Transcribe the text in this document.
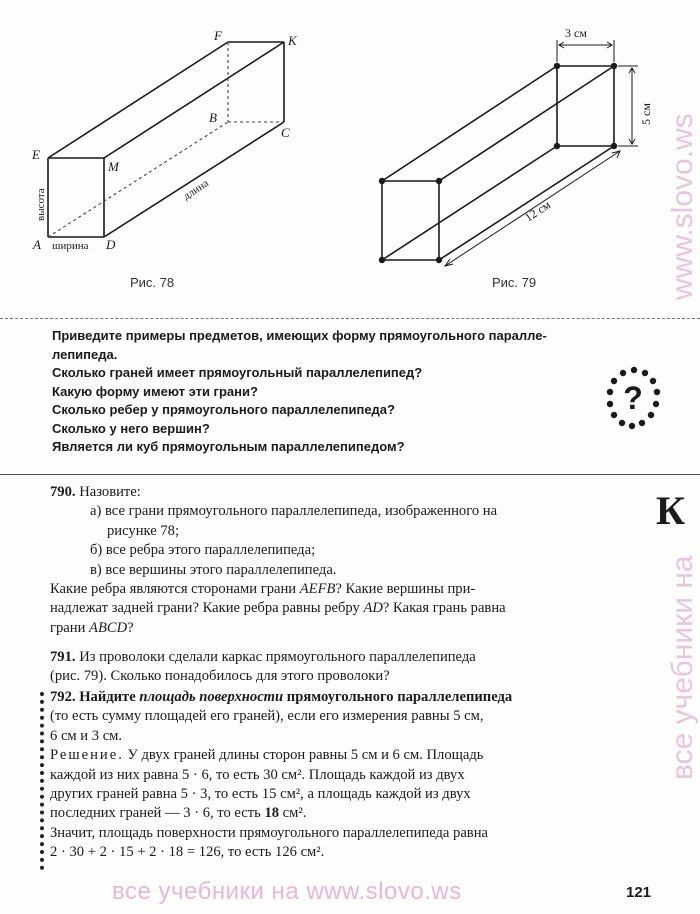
F	K
B
C
E
M
A	D
высота
ширина
длина
Рис. 78
3 см
5 см
12 см
Рис. 79
Приведите примеры предметов, имеющих форму прямоугольного паралле-
лепипеда.
Сколько граней имеет прямоугольный параллелепипед?
Какую форму имеют эти грани?
Сколько ребер у прямоугольного параллелепипеда?
Сколько у него вершин?
Является ли куб прямоугольным параллелепипедом?
?
790. Назовите:
а) все грани прямоугольного параллелепипеда, изображенного на
рисунке 78;
б) все ребра этого параллелепипеда;
в) все вершины этого параллелепипеда.
Какие ребра являются сторонами грани AEFB? Какие вершины при-
надлежат задней грани? Какие ребра равны ребру AD? Какая грань равна
грани ABCD?
К
791. Из проволоки сделали каркас прямоугольного параллелепипеда
(рис. 79). Сколько понадобилось для этого проволоки?
792. Найдите площадь поверхности прямоугольного параллелепипеда
(то есть сумму площадей его граней), если его измерения равны 5 см,
6 см и 3 см.
Решение. У двух граней длины сторон равны 5 см и 6 см. Площадь
каждой из них равна 5 · 6, то есть 30 см². Площадь каждой из двух
других граней равна 5 · 3, то есть 15 см², а площадь каждой из двух
последних граней — 3 · 6, то есть 18 см².
Значит, площадь поверхности прямоугольного параллелепипеда равна
2 · 30 + 2 · 15 + 2 · 18 = 126, то есть 126 см².
www.slovo.ws
все учебники на
все учебники на www.slovo.ws	121
